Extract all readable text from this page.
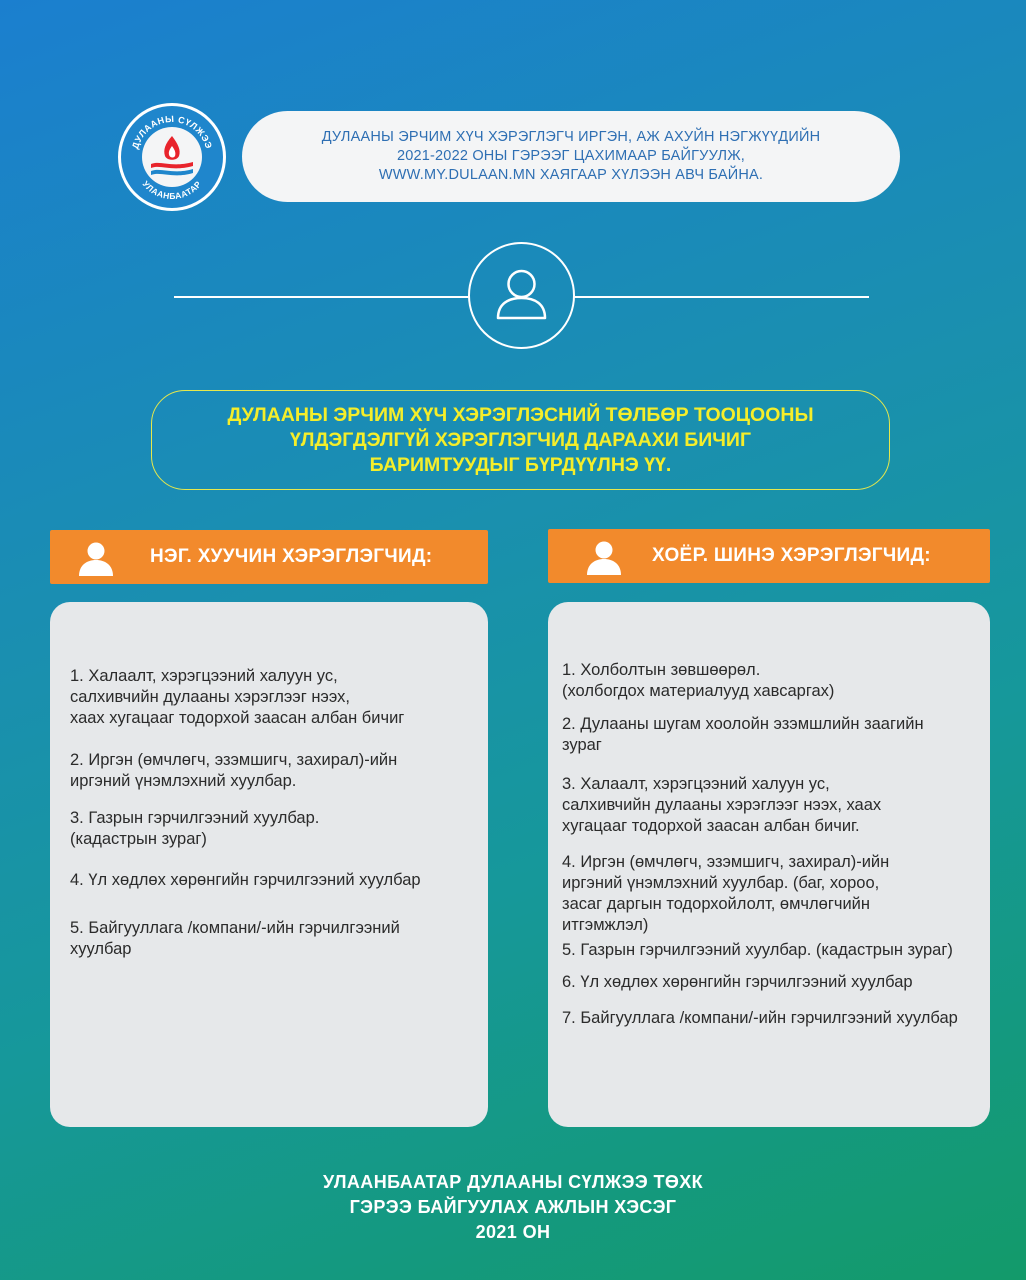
ДУЛААНЫ СҮЛЖЭЭ
УЛААНБААТАР

ДУЛААНЫ ЭРЧИМ ХҮЧ ХЭРЭГЛЭГЧ ИРГЭН, АЖ АХУЙН НЭГЖҮҮДИЙН
2021-2022 ОНЫ ГЭРЭЭГ ЦАХИМААР БАЙГУУЛЖ,
WWW.MY.DULAAN.MN ХАЯГААР ХҮЛЭЭН АВЧ БАЙНА.

ДУЛААНЫ ЭРЧИМ ХҮЧ ХЭРЭГЛЭСНИЙ ТӨЛБӨР ТООЦООНЫ
ҮЛДЭГДЭЛГҮЙ ХЭРЭГЛЭГЧИД ДАРААХИ БИЧИГ
БАРИМТУУДЫГ БҮРДҮҮЛНЭ ҮҮ.

НЭГ. ХУУЧИН ХЭРЭГЛЭГЧИД:	ХОЁР. ШИНЭ ХЭРЭГЛЭГЧИД:
1. Халаалт, хэрэгцээний халуун ус,
салхивчийн дулааны хэрэглээг нээх,
хаах хугацааг тодорхой заасан албан бичиг
2. Иргэн (өмчлөгч, эзэмшигч, захирал)-ийн
иргэний үнэмлэхний хуулбар.
3. Газрын гэрчилгээний хуулбар.
(кадастрын зураг)
4. Үл хөдлөх хөрөнгийн гэрчилгээний хуулбар
5. Байгууллага /компани/-ийн гэрчилгээний
хуулбар
1. Холболтын зөвшөөрөл.
(холбогдох материалууд хавсаргах)
2. Дулааны шугам хоолойн эзэмшлийн заагийн
зураг
3. Халаалт, хэрэгцээний халуун ус,
салхивчийн дулааны хэрэглээг нээх, хаах
хугацааг тодорхой заасан албан бичиг.
4. Иргэн (өмчлөгч, эзэмшигч, захирал)-ийн
иргэний үнэмлэхний хуулбар. (баг, хороо,
засаг даргын тодорхойлолт, өмчлөгчийн
итгэмжлэл)
5. Газрын гэрчилгээний хуулбар. (кадастрын зураг)
6. Үл хөдлөх хөрөнгийн гэрчилгээний хуулбар
7. Байгууллага /компани/-ийн гэрчилгээний хуулбар
УЛААНБААТАР ДУЛААНЫ СҮЛЖЭЭ ТӨХК
ГЭРЭЭ БАЙГУУЛАХ АЖЛЫН ХЭСЭГ
2021 ОН
